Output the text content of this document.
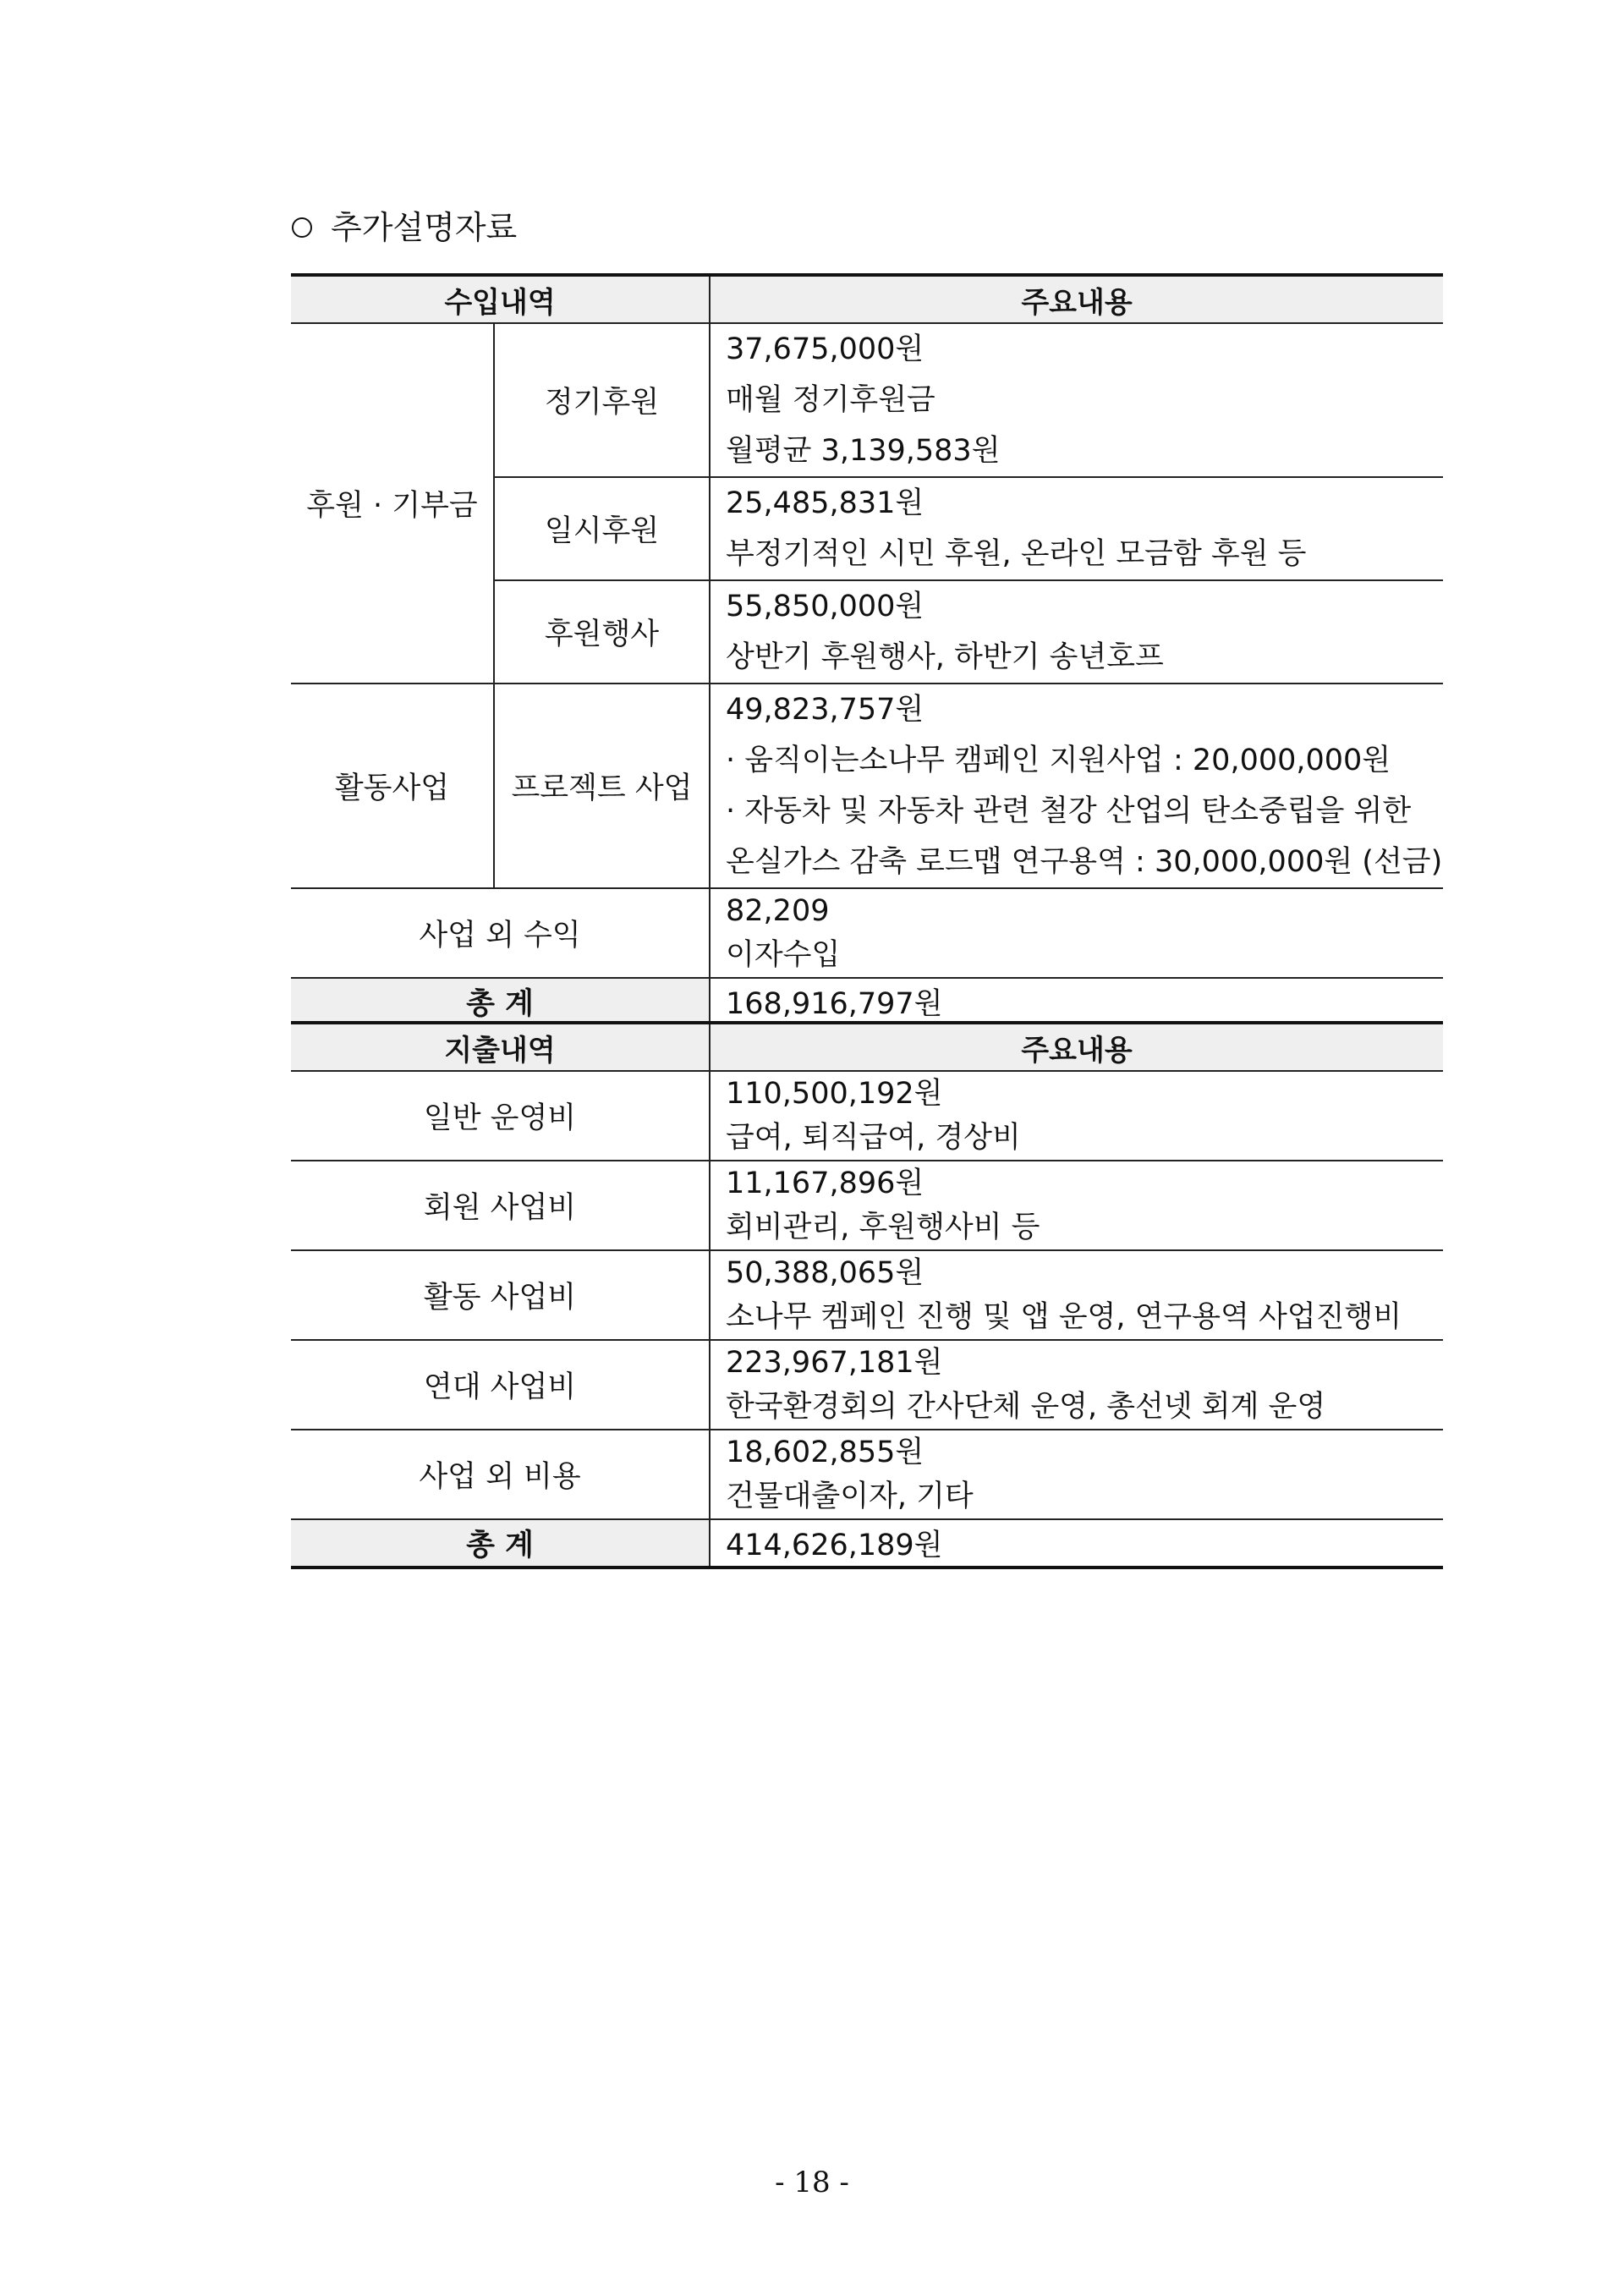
추가설명자료
수입내역		주요내용
후원 · 기부금	정기후원	37,675,000원
매월 정기후원금
월평균 3,139,583원

	일시후원	25,485,831원
부정기적인 시민 후원, 온라인 모금함 후원 등

	후원행사	55,850,000원
상반기 후원행사, 하반기 송년호프

활동사업	프로젝트 사업	49,823,757원
· 움직이는소나무 캠페인 지원사업 : 20,000,000원
· 자동차 및 자동차 관련 철강 산업의 탄소중립을 위한
온실가스 감축 로드맵 연구용역 : 30,000,000원 (선금)

사업 외 수익		82,209
이자수입

총 계		168,916,797원
지출내역	주요내용
일반 운영비	110,500,192원
급여, 퇴직급여, 경상비

회원 사업비	11,167,896원
회비관리, 후원행사비 등

활동 사업비	50,388,065원
소나무 켐페인 진행 및 앱 운영, 연구용역 사업진행비

연대 사업비	223,967,181원
한국환경회의 간사단체 운영, 총선넷 회계 운영

사업 외 비용	18,602,855원
건물대출이자, 기타

총 계	414,626,189원
- 18 -
